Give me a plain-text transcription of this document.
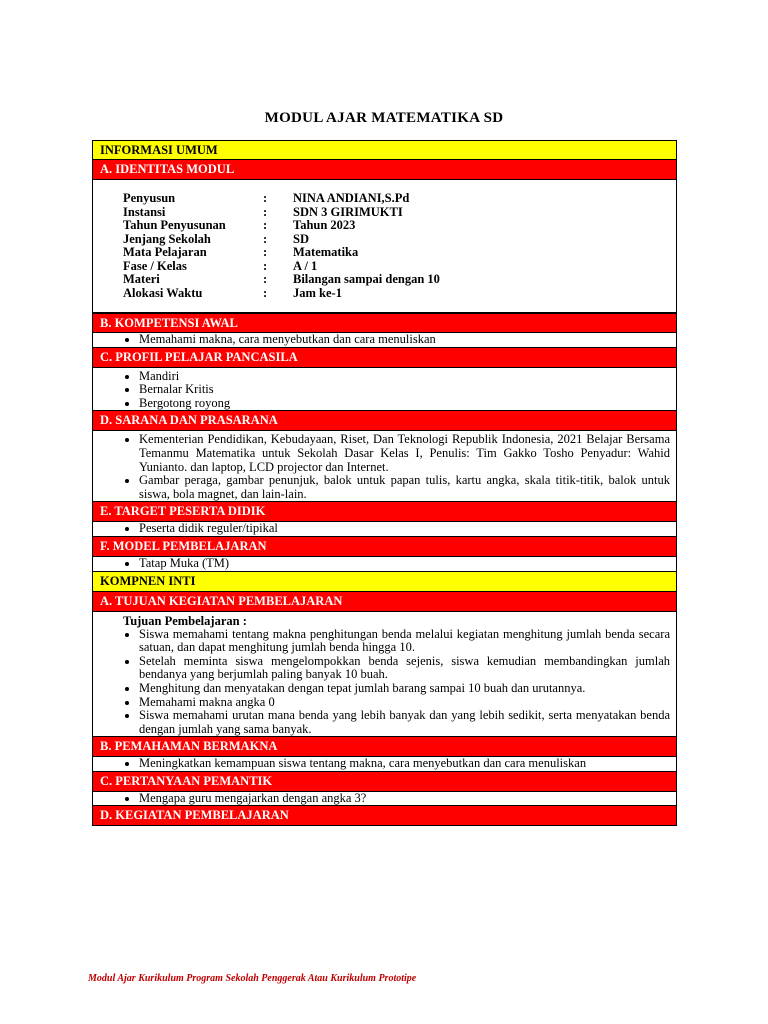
MODUL AJAR MATEMATIKA SD
INFORMASI UMUM
A. IDENTITAS MODUL
Penyusun	:	NINA ANDIANI,S.Pd
Instansi	:	SDN 3 GIRIMUKTI
Tahun Penyusunan	:	Tahun 2023
Jenjang Sekolah	:	SD
Mata Pelajaran	:	Matematika
Fase / Kelas	:	A / 1
Materi	:	Bilangan sampai dengan 10
Alokasi Waktu	:	Jam ke-1
B. KOMPETENSI AWAL
• Memahami makna, cara menyebutkan dan cara menuliskan
C. PROFIL PELAJAR PANCASILA
• Mandiri
• Bernalar Kritis
• Bergotong royong
D. SARANA DAN PRASARANA
• Kementerian Pendidikan, Kebudayaan, Riset, Dan Teknologi Republik Indonesia, 2021 Belajar Bersama Temanmu Matematika untuk Sekolah Dasar Kelas I, Penulis: Tim Gakko Tosho Penyadur: Wahid Yunianto. dan laptop, LCD projector dan Internet.
• Gambar peraga, gambar penunjuk, balok untuk papan tulis, kartu angka, skala titik-titik, balok untuk siswa, bola magnet, dan lain-lain.
E. TARGET PESERTA DIDIK
• Peserta didik reguler/tipikal
F. MODEL PEMBELAJARAN
• Tatap Muka (TM)
KOMPNEN INTI
A. TUJUAN KEGIATAN PEMBELAJARAN
Tujuan Pembelajaran :
• Siswa memahami tentang makna penghitungan benda melalui kegiatan menghitung jumlah benda secara satuan, dan dapat menghitung jumlah benda hingga 10.
• Setelah meminta siswa mengelompokkan benda sejenis, siswa kemudian membandingkan jumlah bendanya yang berjumlah paling banyak 10 buah.
• Menghitung dan menyatakan dengan tepat jumlah barang sampai 10 buah dan urutannya.
• Memahami makna angka 0
• Siswa memahami urutan mana benda yang lebih banyak dan yang lebih sedikit, serta menyatakan benda dengan jumlah yang sama banyak.
B. PEMAHAMAN BERMAKNA
• Meningkatkan kemampuan siswa tentang makna, cara menyebutkan dan cara menuliskan
C. PERTANYAAN PEMANTIK
• Mengapa guru mengajarkan dengan angka 3?
D. KEGIATAN PEMBELAJARAN
Modul Ajar Kurikulum Program Sekolah Penggerak Atau Kurikulum Prototipe
